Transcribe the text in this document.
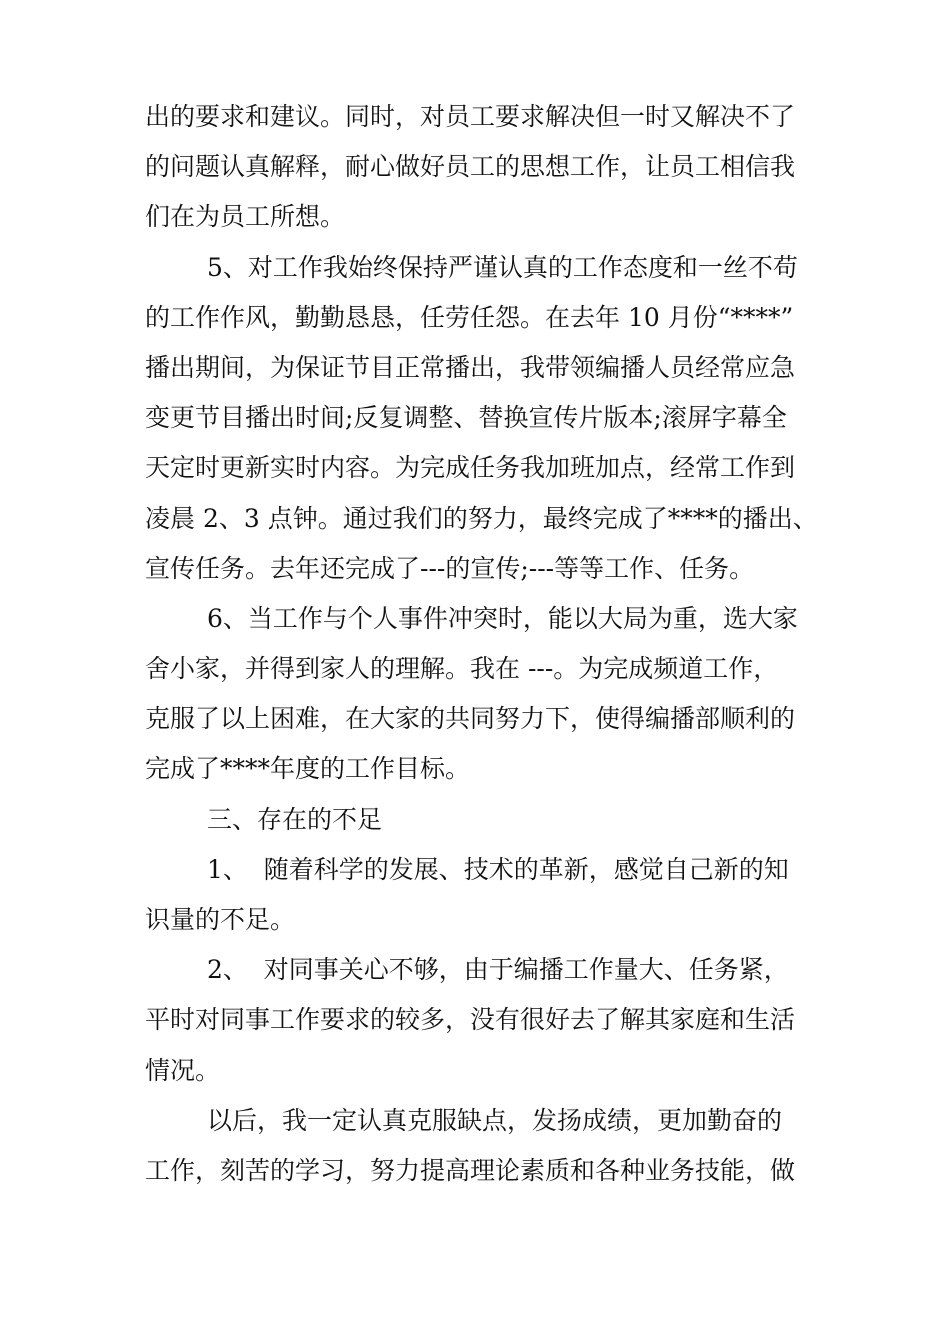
出的要求和建议。同时，对员工要求解决但一时又解决不了
的问题认真解释，耐心做好员工的思想工作，让员工相信我
们在为员工所想。
5、对工作我始终保持严谨认真的工作态度和一丝不苟
的工作作风，勤勤恳恳，任劳任怨。在去年 10 月份“****”
播出期间，为保证节目正常播出，我带领编播人员经常应急
变更节目播出时间;反复调整、替换宣传片版本;滚屏字幕全
天定时更新实时内容。为完成任务我加班加点，经常工作到
凌晨 2、3 点钟。通过我们的努力，最终完成了****的播出、
宣传任务。去年还完成了---的宣传;---等等工作、任务。
6、当工作与个人事件冲突时，能以大局为重，选大家
舍小家，并得到家人的理解。我在 ---。为完成频道工作，
克服了以上困难，在大家的共同努力下，使得编播部顺利的
完成了****年度的工作目标。
三、存在的不足
1、  随着科学的发展、技术的革新，感觉自己新的知
识量的不足。
2、  对同事关心不够，由于编播工作量大、任务紧，
平时对同事工作要求的较多，没有很好去了解其家庭和生活
情况。
以后，我一定认真克服缺点，发扬成绩，更加勤奋的
工作，刻苦的学习，努力提高理论素质和各种业务技能，做
